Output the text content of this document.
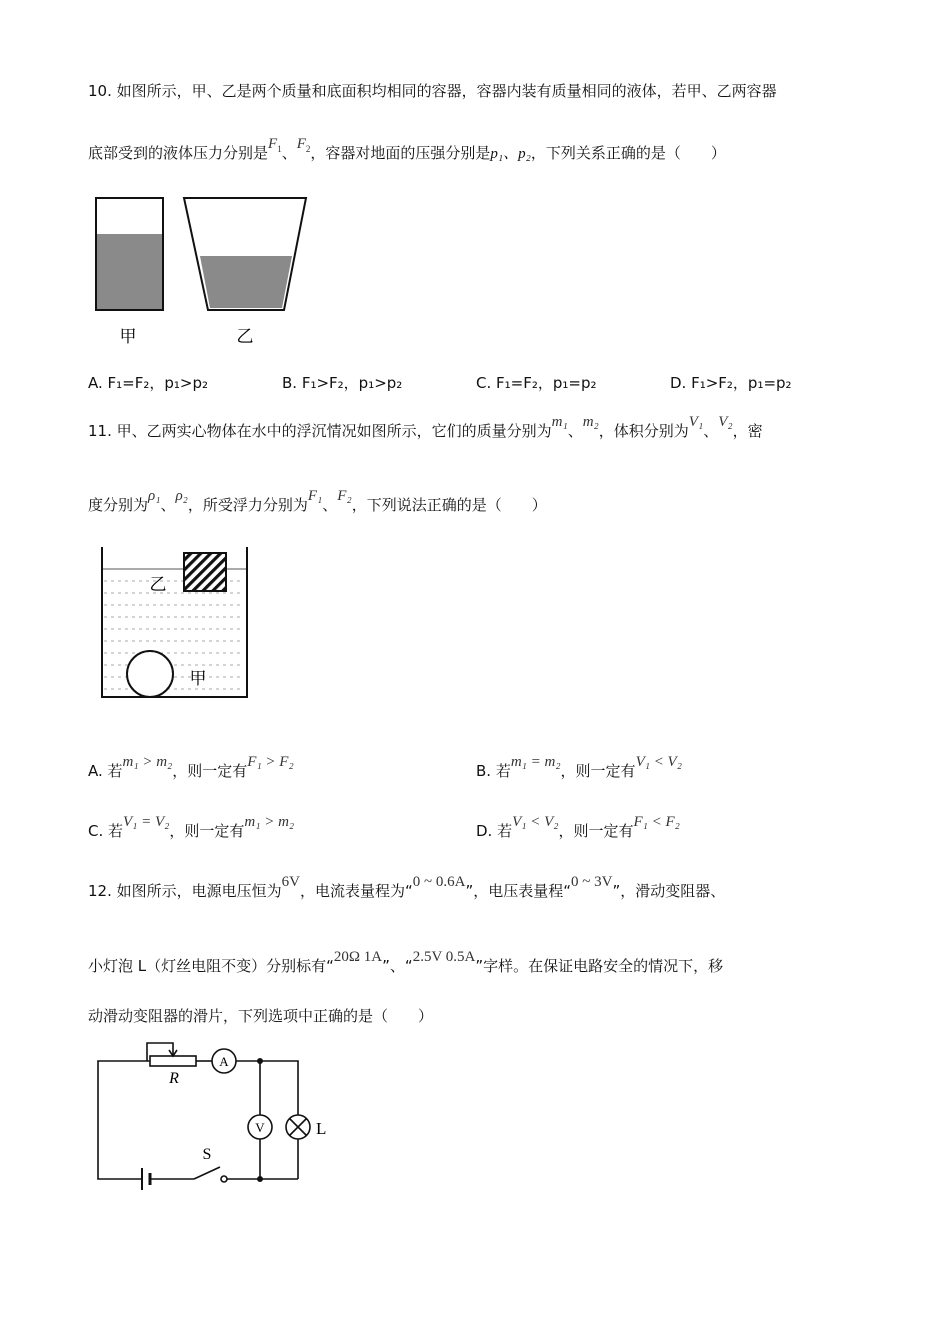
10. 如图所示，甲、乙是两个质量和底面积均相同的容器，容器内装有质量相同的液体，若甲、乙两容器
底部受到的液体压力分别是$F_1$、$F_2$，容器对地面的压强分别是p₁、p₂，下列关系正确的是（　　）
甲	乙
A. F₁=F₂，p₁>p₂	B. F₁>F₂，p₁>p₂	C. F₁=F₂，p₁=p₂	D. F₁>F₂，p₁=p₂
11. 甲、乙两实心物体在水中的浮沉情况如图所示，它们的质量分别为m₁、m₂，体积分别为V₁、V₂，密
度分别为ρ₁、ρ₂，所受浮力分别为F₁、F₂，下列说法正确的是（　　）
乙
甲
A. 若m₁ > m₂，则一定有F₁ > F₂	B. 若m₁ = m₂，则一定有V₁ < V₂
C. 若V₁ = V₂，则一定有m₁ > m₂	D. 若V₁ < V₂，则一定有F₁ < F₂
12. 如图所示，电源电压恒为6V，电流表量程为“0 ~ 0.6A”，电压表量程“0 ~ 3V”，滑动变阻器、
小灯泡 L（灯丝电阻不变）分别标有“20Ω 1A”、“2.5V 0.5A”字样。在保证电路安全的情况下，移
动滑动变阻器的滑片，下列选项中正确的是（　　）
A
V
R
L
S
